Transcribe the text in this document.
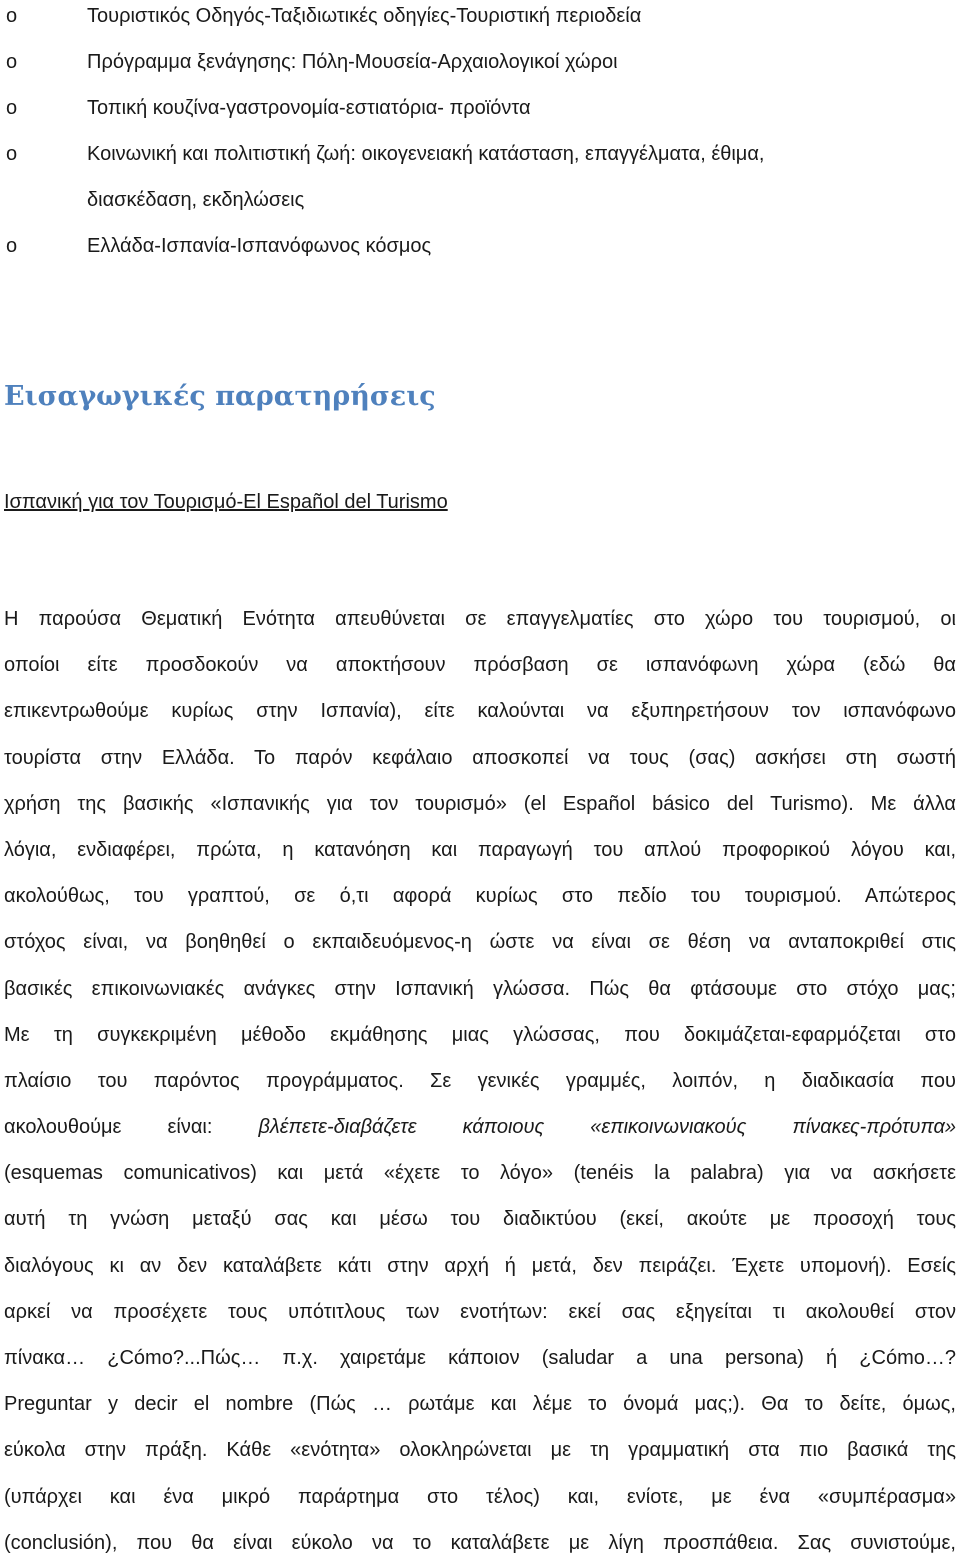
o	Τουριστικός Οδηγός-Ταξιδιωτικές οδηγίες-Τουριστική περιοδεία
o	Πρόγραμμα ξενάγησης: Πόλη-Μουσεία-Αρχαιολογικοί χώροι
o	Τοπική κουζίνα-γαστρονομία-εστιατόρια- προϊόντα
o	Κοινωνική και πολιτιστική ζωή: οικογενειακή κατάσταση, επαγγέλματα, έθιμα,
διασκέδαση, εκδηλώσεις
o	Ελλάδα-Ισπανία-Ισπανόφωνος κόσμος
Εισαγωγικές παρατηρήσεις
Ισπανική για τον Τουρισμό-El Español del Turismo
Η παρούσα Θεματική Ενότητα απευθύνεται σε επαγγελματίες στο χώρο του τουρισμού, οι
οποίοι είτε προσδοκούν να αποκτήσουν πρόσβαση σε ισπανόφωνη χώρα (εδώ θα
επικεντρωθούμε κυρίως στην Ισπανία), είτε καλούνται να εξυπηρετήσουν τον ισπανόφωνο
τουρίστα στην Ελλάδα. Το παρόν κεφάλαιο αποσκοπεί να τους (σας) ασκήσει στη σωστή
χρήση της βασικής «Ισπανικής για τον τουρισμό» (el Español básico del Turismo). Με άλλα
λόγια, ενδιαφέρει, πρώτα, η κατανόηση και παραγωγή του απλού προφορικού λόγου και,
ακολούθως, του γραπτού, σε ό,τι αφορά κυρίως στο πεδίο του τουρισμού. Απώτερος
στόχος είναι, να βοηθηθεί ο εκπαιδευόμενος-η ώστε να είναι σε θέση να ανταποκριθεί στις
βασικές επικοινωνιακές ανάγκες στην Ισπανική γλώσσα. Πώς θα φτάσουμε στο στόχο μας;
Με τη συγκεκριμένη μέθοδο εκμάθησης μιας γλώσσας, που δοκιμάζεται-εφαρμόζεται στο
πλαίσιο του παρόντος προγράμματος. Σε γενικές γραμμές, λοιπόν, η διαδικασία που
ακολουθούμε είναι: βλέπετε-διαβάζετε κάποιους «επικοινωνιακούς πίνακες-πρότυπα»
(esquemas comunicativos) και μετά «έχετε το λόγο» (tenéis la palabra) για να ασκήσετε
αυτή τη γνώση μεταξύ σας και μέσω του διαδικτύου (εκεί, ακούτε με προσοχή τους
διαλόγους κι αν δεν καταλάβετε κάτι στην αρχή ή μετά, δεν πειράζει. Έχετε υπομονή). Εσείς
αρκεί να προσέχετε τους υπότιτλους των ενοτήτων: εκεί σας εξηγείται τι ακολουθεί στον
πίνακα… ¿Cómo?...Πώς… π.χ. χαιρετάμε κάποιον (saludar a una persona) ή ¿Cómo…?
Preguntar y decir el nombre (Πώς … ρωτάμε και λέμε το όνομά μας;). Θα το δείτε, όμως,
εύκολα στην πράξη. Κάθε «ενότητα» ολοκληρώνεται με τη γραμματική στα πιο βασικά της
(υπάρχει και ένα μικρό παράρτημα στο τέλος) και, ενίοτε, με ένα «συμπέρασμα»
(conclusión), που θα είναι εύκολο να το καταλάβετε με λίγη προσπάθεια. Σας συνιστούμε,
